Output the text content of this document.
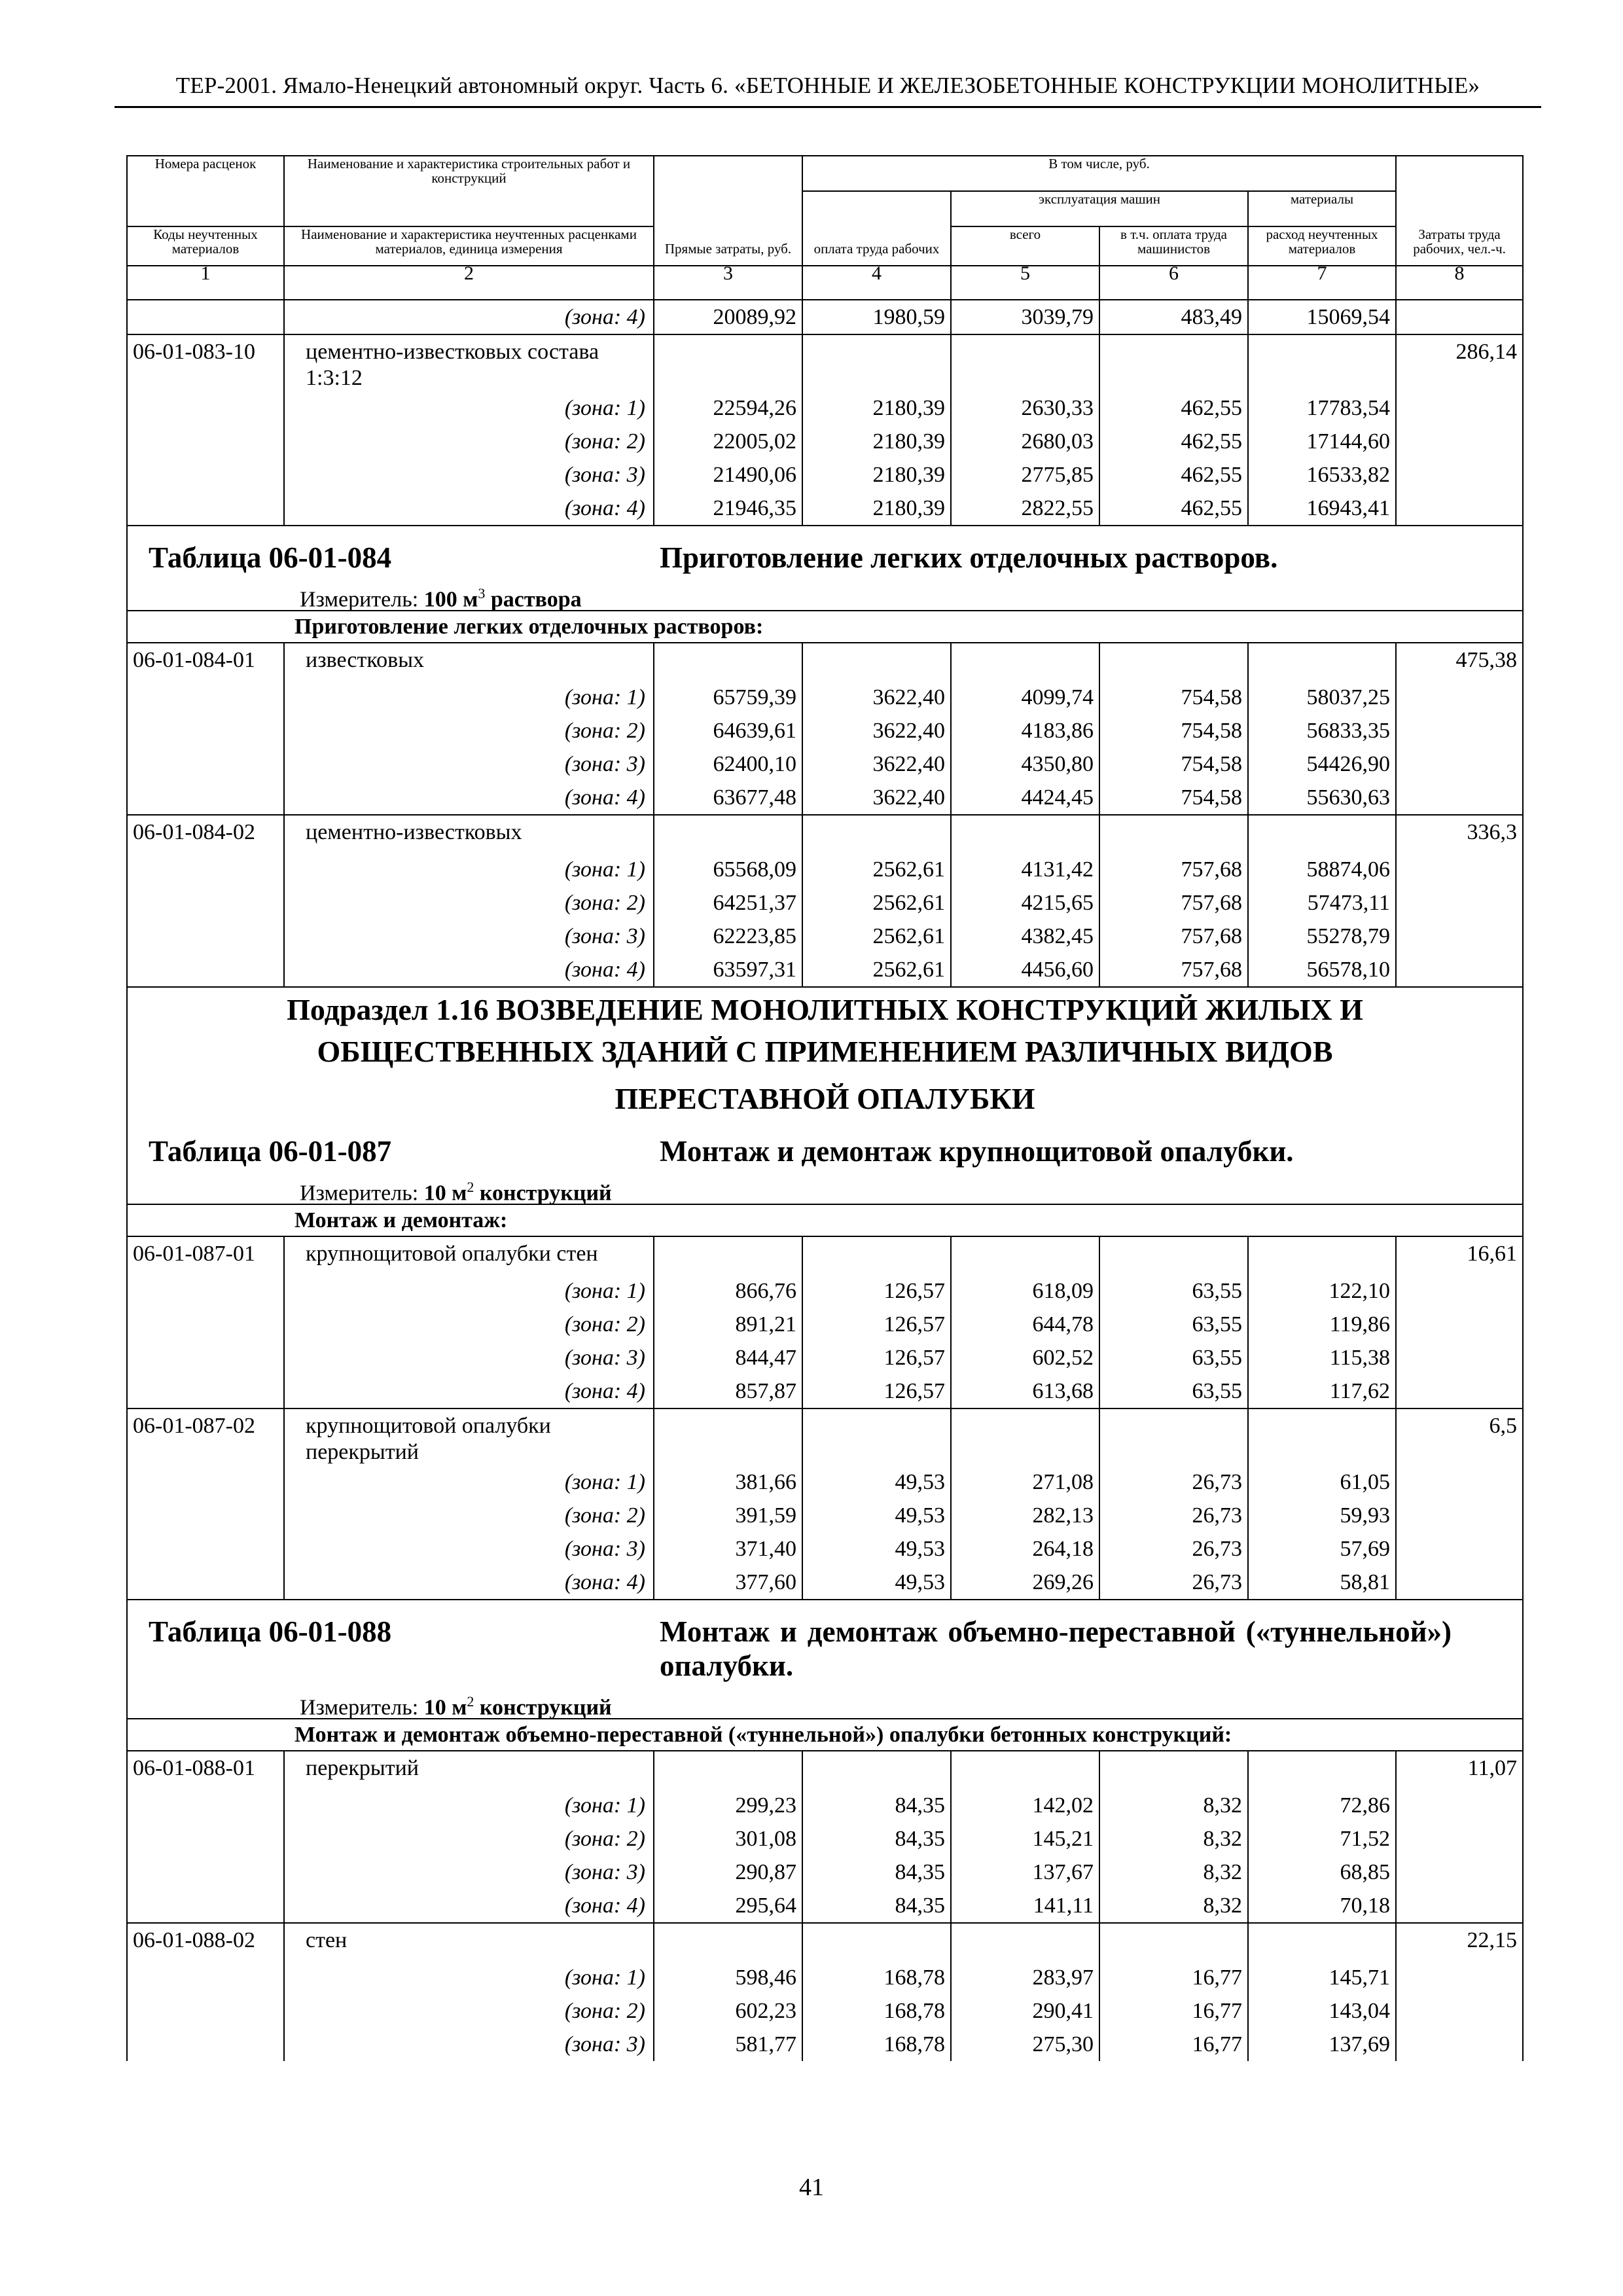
ТЕР-2001. Ямало-Ненецкий автономный округ. Часть 6. «БЕТОННЫЕ И ЖЕЛЕЗОБЕТОННЫЕ КОНСТРУКЦИИ МОНОЛИТНЫЕ»
Номера расценок	Наименование и характеристика строительных работ и конструкций	Прямые затраты, руб.	В том числе, руб.				Затраты труда рабочих, чел.-ч.
			оплата труда рабочих	эксплуатация машин		материалы	
Коды неучтенных материалов	Наименование и характеристика неучтенных расценками материалов, единица измерения			всего	в т.ч. оплата труда машинистов	расход неучтенных материалов	
1	2	3	4	5	6	7	8
	(зона: 4)	20089,92	1980,59	3039,79	483,49	15069,54	
06-01-083-10	цементно-известковых состава 1:3:12						286,14
	(зона: 1)	22594,26	2180,39	2630,33	462,55	17783,54	
	(зона: 2)	22005,02	2180,39	2680,03	462,55	17144,60	
	(зона: 3)	21490,06	2180,39	2775,85	462,55	16533,82	
	(зона: 4)	21946,35	2180,39	2822,55	462,55	16943,41	

Таблица 06-01-084 Приготовление легких отделочных растворов.
Измеритель: 100 $м^3$ раствора							

Приготовление легких отделочных растворов:							
06-01-084-01	известковых						475,38
	(зона: 1)	65759,39	3622,40	4099,74	754,58	58037,25	
	(зона: 2)	64639,61	3622,40	4183,86	754,58	56833,35	
	(зона: 3)	62400,10	3622,40	4350,80	754,58	54426,90	
	(зона: 4)	63677,48	3622,40	4424,45	754,58	55630,63	
06-01-084-02	цементно-известковых						336,3
	(зона: 1)	65568,09	2562,61	4131,42	757,68	58874,06	
	(зона: 2)	64251,37	2562,61	4215,65	757,68	57473,11	
	(зона: 3)	62223,85	2562,61	4382,45	757,68	55278,79	
	(зона: 4)	63597,31	2562,61	4456,60	757,68	56578,10	

Подраздел 1.16 ВОЗВЕДЕНИЕ МОНОЛИТНЫХ КОНСТРУКЦИЙ ЖИЛЫХ И
ОБЩЕСТВЕННЫХ ЗДАНИЙ С ПРИМЕНЕНИЕМ РАЗЛИЧНЫХ ВИДОВ
ПЕРЕСТАВНОЙ ОПАЛУБКИ							

Таблица 06-01-087 Монтаж и демонтаж крупнощитовой опалубки.
Измеритель: 10 $м^2$ конструкций							

Монтаж и демонтаж:							
06-01-087-01	крупнощитовой опалубки стен						16,61
	(зона: 1)	866,76	126,57	618,09	63,55	122,10	
	(зона: 2)	891,21	126,57	644,78	63,55	119,86	
	(зона: 3)	844,47	126,57	602,52	63,55	115,38	
	(зона: 4)	857,87	126,57	613,68	63,55	117,62	
06-01-087-02	крупнощитовой опалубки перекрытий						6,5
	(зона: 1)	381,66	49,53	271,08	26,73	61,05	
	(зона: 2)	391,59	49,53	282,13	26,73	59,93	
	(зона: 3)	371,40	49,53	264,18	26,73	57,69	
	(зона: 4)	377,60	49,53	269,26	26,73	58,81	

Таблица 06-01-088 Монтаж и демонтаж объемно-переставной («туннельной») опалубки.
Измеритель: 10 $м^2$ конструкций							

Монтаж и демонтаж объемно-переставной («туннельной») опалубки бетонных конструкций:							
06-01-088-01	перекрытий						11,07
	(зона: 1)	299,23	84,35	142,02	8,32	72,86	
	(зона: 2)	301,08	84,35	145,21	8,32	71,52	
	(зона: 3)	290,87	84,35	137,67	8,32	68,85	
	(зона: 4)	295,64	84,35	141,11	8,32	70,18	
06-01-088-02	стен						22,15
	(зона: 1)	598,46	168,78	283,97	16,77	145,71	
	(зона: 2)	602,23	168,78	290,41	16,77	143,04	
	(зона: 3)	581,77	168,78	275,30	16,77	137,69	
41
